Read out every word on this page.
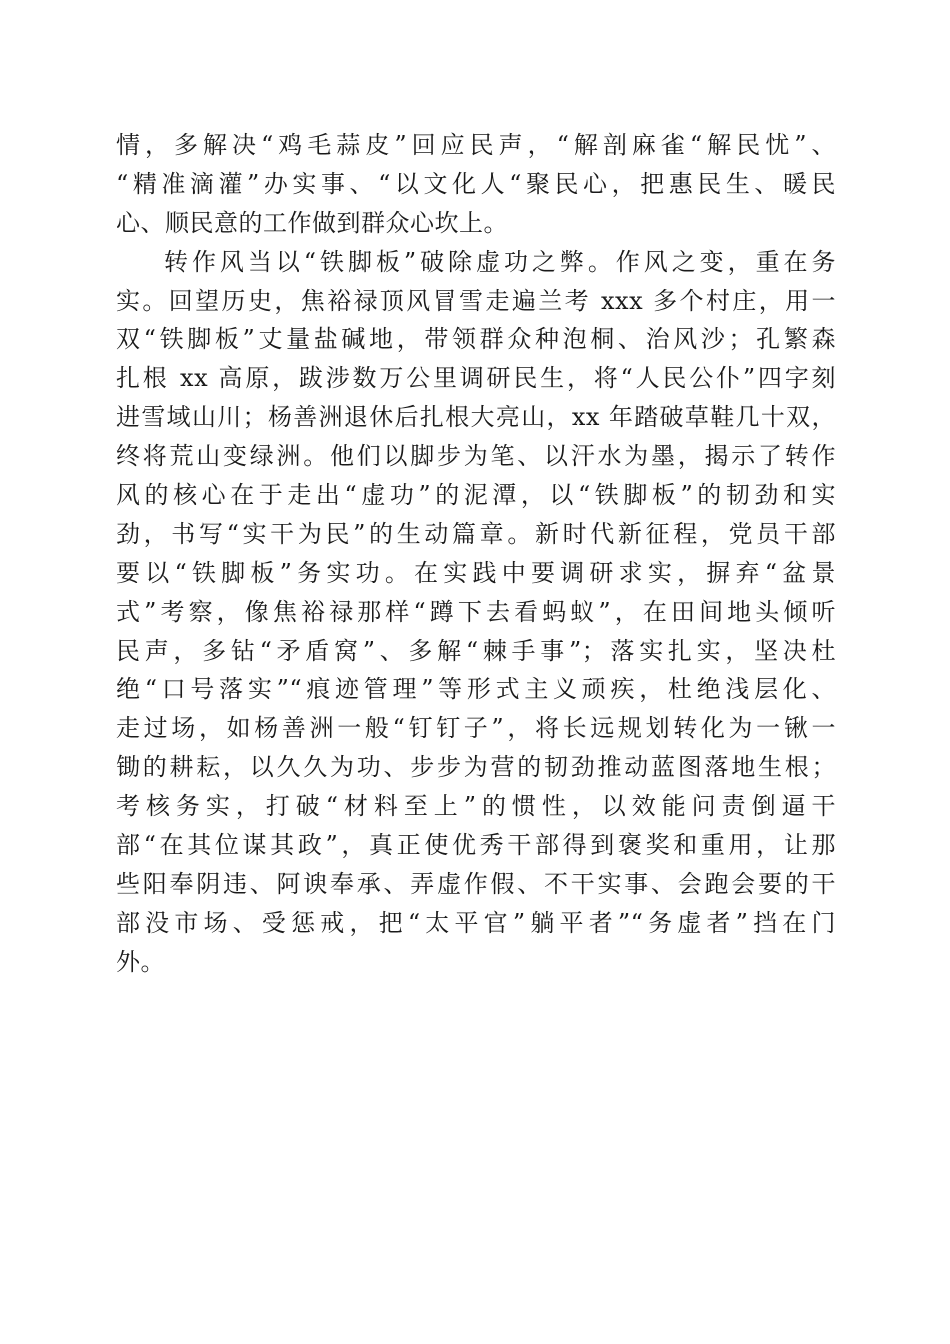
情，多解决“鸡毛蒜皮”回应民声，“解剖麻雀“解民忧”、
“精准滴灌”办实事、“以文化人“聚民心，把惠民生、暖民
心、顺民意的工作做到群众心坎上。
转作风当以“铁脚板”破除虚功之弊。作风之变，重在务
实。回望历史，焦裕禄顶风冒雪走遍兰考 xxx 多个村庄，用一
双“铁脚板”丈量盐碱地，带领群众种泡桐、治风沙；孔繁森
扎根 xx 高原，跋涉数万公里调研民生，将“人民公仆”四字刻
进雪域山川；杨善洲退休后扎根大亮山，xx 年踏破草鞋几十双，
终将荒山变绿洲。他们以脚步为笔、以汗水为墨，揭示了转作
风的核心在于走出“虚功”的泥潭，以“铁脚板”的韧劲和实
劲，书写“实干为民”的生动篇章。新时代新征程，党员干部
要以“铁脚板”务实功。在实践中要调研求实，摒弃“盆景
式”考察，像焦裕禄那样“蹲下去看蚂蚁”，在田间地头倾听
民声，多钻“矛盾窝”、多解“棘手事”；落实扎实，坚决杜
绝“口号落实”“痕迹管理”等形式主义顽疾，杜绝浅层化、
走过场，如杨善洲一般“钉钉子”，将长远规划转化为一锹一
锄的耕耘，以久久为功、步步为营的韧劲推动蓝图落地生根；
考核务实，打破“材料至上”的惯性，以效能问责倒逼干
部“在其位谋其政”，真正使优秀干部得到褒奖和重用，让那
些阳奉阴违、阿谀奉承、弄虚作假、不干实事、会跑会要的干
部没市场、受惩戒，把“太平官”躺平者”“务虚者”挡在门
外。
